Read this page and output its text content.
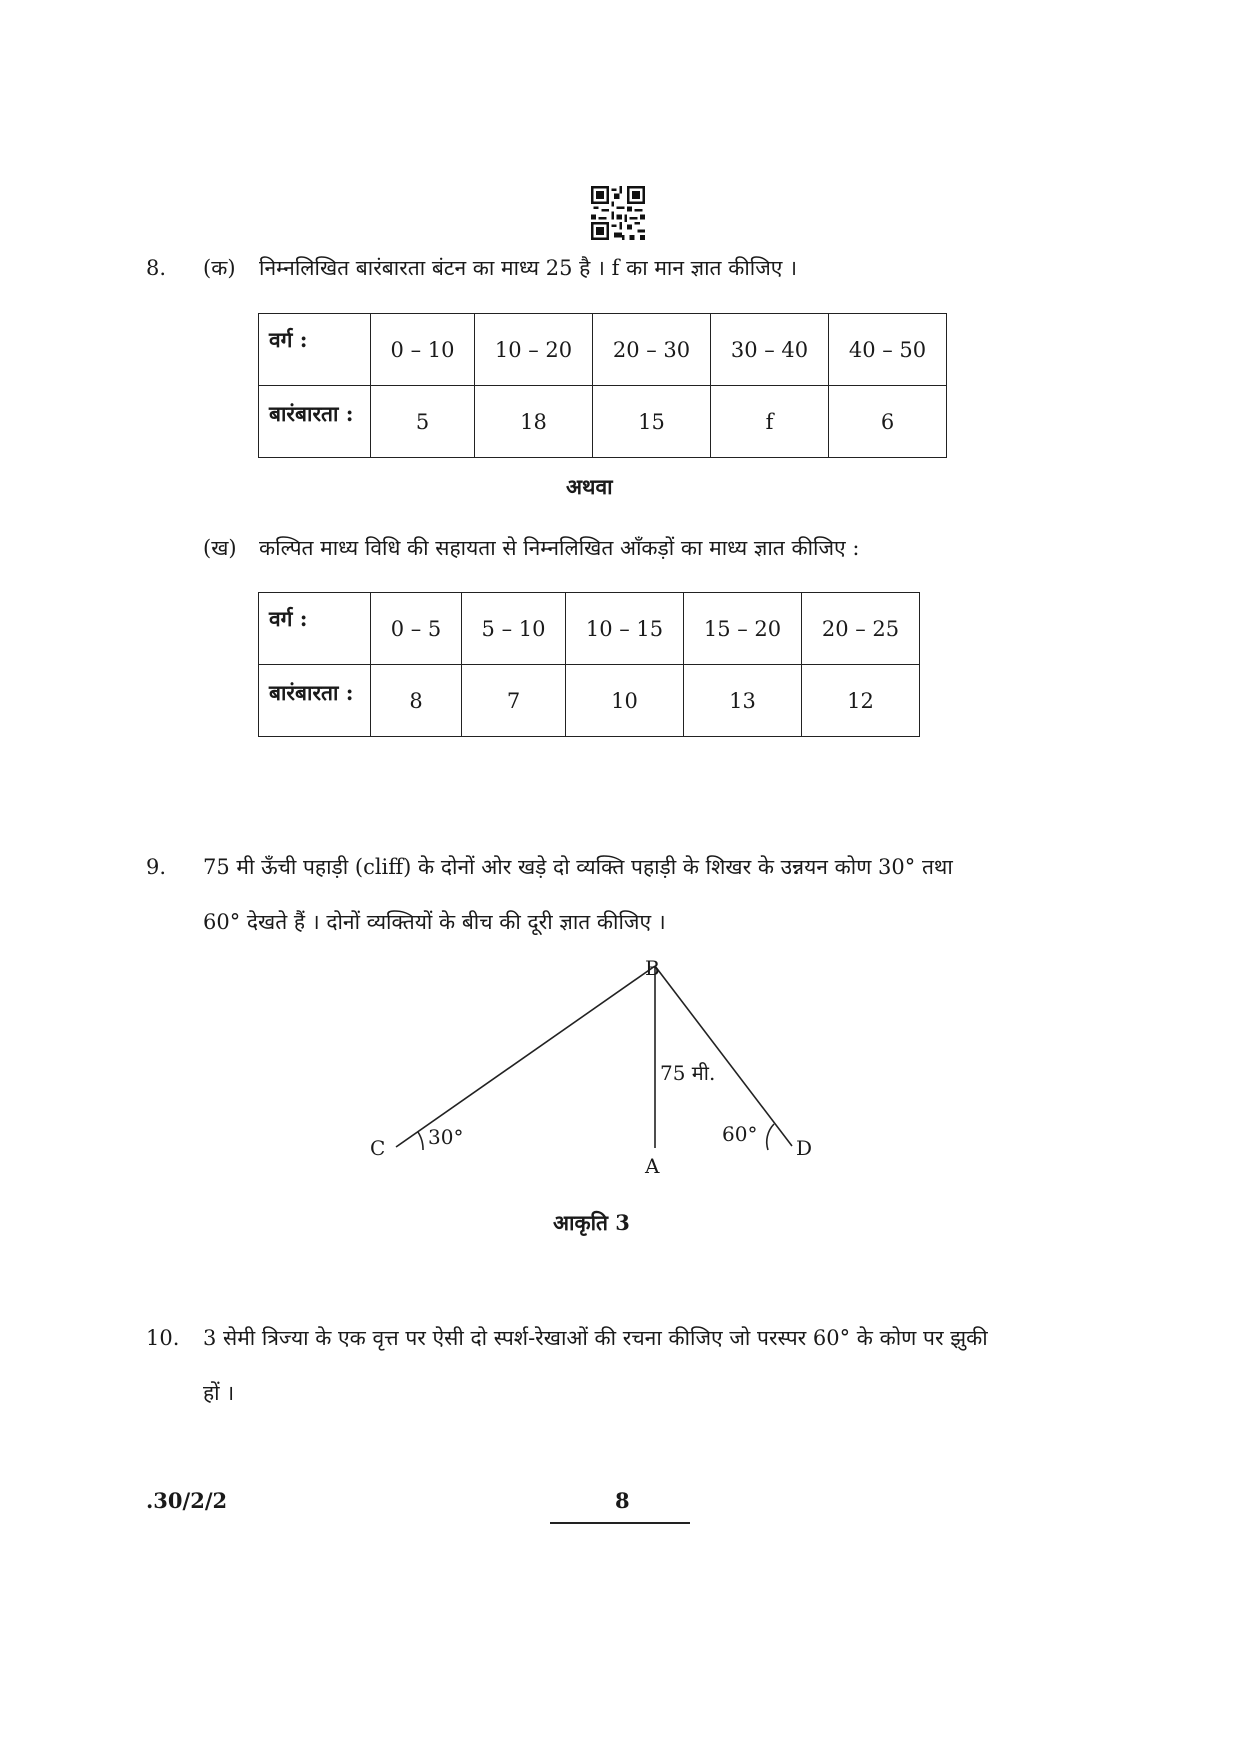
8. (क) निम्नलिखित बारंबारता बंटन का माध्य 25 है । f का मान ज्ञात कीजिए ।
वर्ग :	0 – 10	10 – 20	20 – 30	30 – 40	40 – 50
बारंबारता :	5	18	15	f	6
अथवा
(ख) कल्पित माध्य विधि की सहायता से निम्नलिखित आँकड़ों का माध्य ज्ञात कीजिए :
वर्ग :	0 – 5	5 – 10	10 – 15	15 – 20	20 – 25
बारंबारता :	8	7	10	13	12
9. 75 मी ऊँची पहाड़ी (cliff) के दोनों ओर खड़े दो व्यक्ति पहाड़ी के शिखर के उन्नयन कोण 30° तथा
60° देखते हैं । दोनों व्यक्तियों के बीच की दूरी ज्ञात कीजिए ।
B
A
C	D
75 मी.
30°	60°
आकृति 3
10. 3 सेमी त्रिज्या के एक वृत्त पर ऐसी दो स्पर्श-रेखाओं की रचना कीजिए जो परस्पर 60° के कोण पर झुकी
हों ।
.30/2/2	8
